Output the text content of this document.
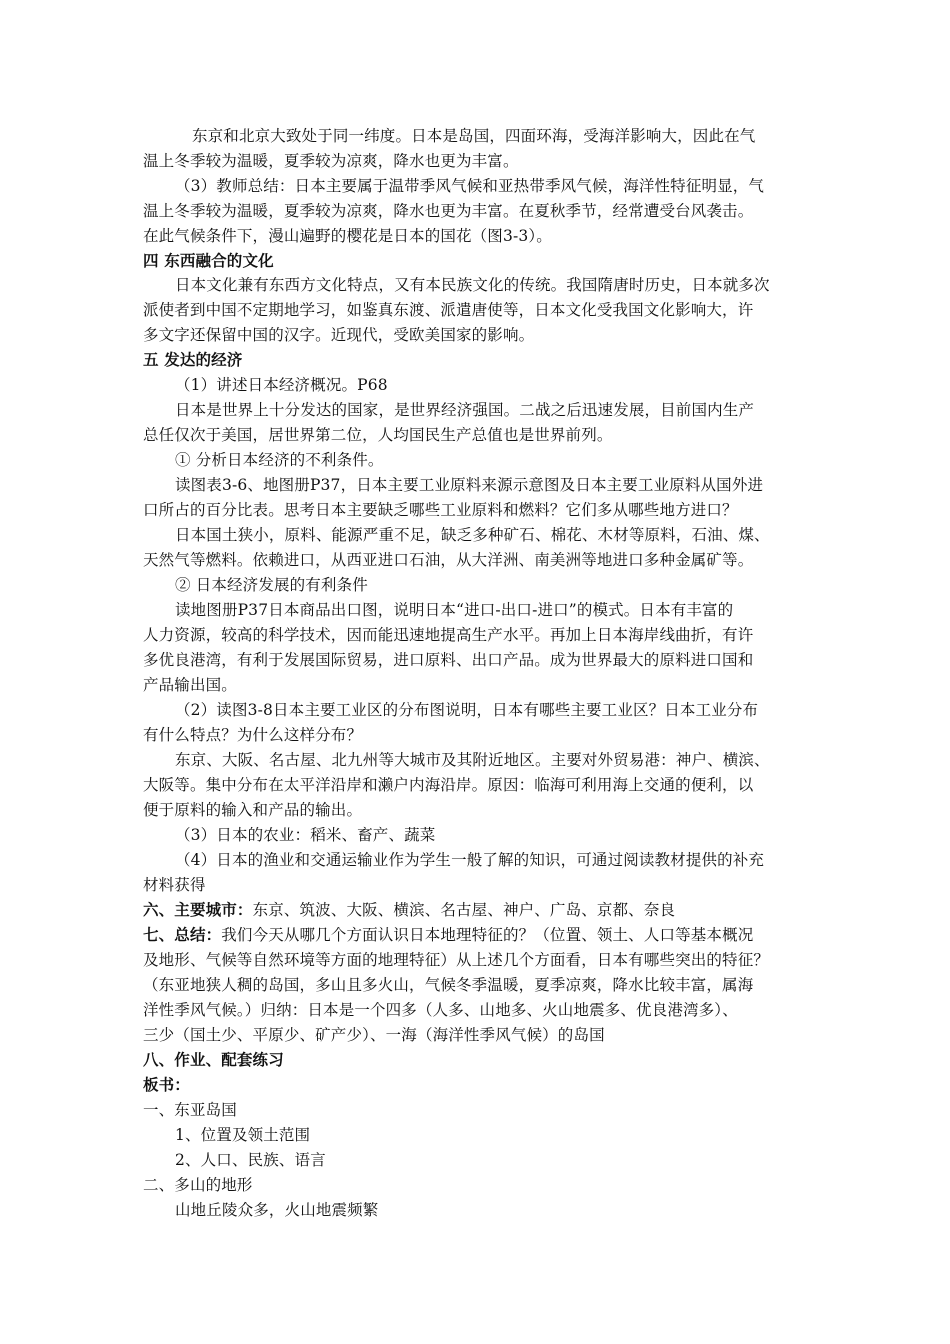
东京和北京大致处于同一纬度。日本是岛国，四面环海，受海洋影响大，因此在气
温上冬季较为温暖，夏季较为凉爽，降水也更为丰富。
（3）教师总结：日本主要属于温带季风气候和亚热带季风气候，海洋性特征明显，气
温上冬季较为温暖，夏季较为凉爽，降水也更为丰富。在夏秋季节，经常遭受台风袭击。
在此气候条件下，漫山遍野的樱花是日本的国花（图3-3）。
四 东西融合的文化
日本文化兼有东西方文化特点，又有本民族文化的传统。我国隋唐时历史，日本就多次
派使者到中国不定期地学习，如鉴真东渡、派遣唐使等，日本文化受我国文化影响大，许
多文字还保留中国的汉字。近现代，受欧美国家的影响。
五 发达的经济
（1）讲述日本经济概况。P68
日本是世界上十分发达的国家，是世界经济强国。二战之后迅速发展，目前国内生产
总任仅次于美国，居世界第二位，人均国民生产总值也是世界前列。
① 分析日本经济的不利条件。
读图表3-6、地图册P37，日本主要工业原料来源示意图及日本主要工业原料从国外进
口所占的百分比表。思考日本主要缺乏哪些工业原料和燃料？它们多从哪些地方进口？
日本国土狭小，原料、能源严重不足，缺乏多种矿石、棉花、木材等原料，石油、煤、
天然气等燃料。依赖进口，从西亚进口石油，从大洋洲、南美洲等地进口多种金属矿等。
② 日本经济发展的有利条件
读地图册P37日本商品出口图，说明日本“进口-出口-进口”的模式。日本有丰富的
人力资源，较高的科学技术，因而能迅速地提高生产水平。再加上日本海岸线曲折，有许
多优良港湾，有利于发展国际贸易，进口原料、出口产品。成为世界最大的原料进口国和
产品输出国。
（2）读图3-8日本主要工业区的分布图说明，日本有哪些主要工业区？日本工业分布
有什么特点？为什么这样分布？
东京、大阪、名古屋、北九州等大城市及其附近地区。主要对外贸易港：神户、横滨、
大阪等。集中分布在太平洋沿岸和濑户内海沿岸。原因：临海可利用海上交通的便利，以
便于原料的输入和产品的输出。
（3）日本的农业：稻米、畜产、蔬菜
（4）日本的渔业和交通运输业作为学生一般了解的知识，可通过阅读教材提供的补充
材料获得
六、主要城市：东京、筑波、大阪、横滨、名古屋、神户、广岛、京都、奈良
七、总结：我们今天从哪几个方面认识日本地理特征的？（位置、领土、人口等基本概况
及地形、气候等自然环境等方面的地理特征）从上述几个方面看，日本有哪些突出的特征？
（东亚地狭人稠的岛国，多山且多火山，气候冬季温暖，夏季凉爽，降水比较丰富，属海
洋性季风气候。）归纳：日本是一个四多（人多、山地多、火山地震多、优良港湾多）、
三少（国土少、平原少、矿产少）、一海（海洋性季风气候）的岛国
八、作业、配套练习
板书：
一、东亚岛国
1、位置及领土范围
2、人口、民族、语言
二、多山的地形
山地丘陵众多，火山地震频繁
